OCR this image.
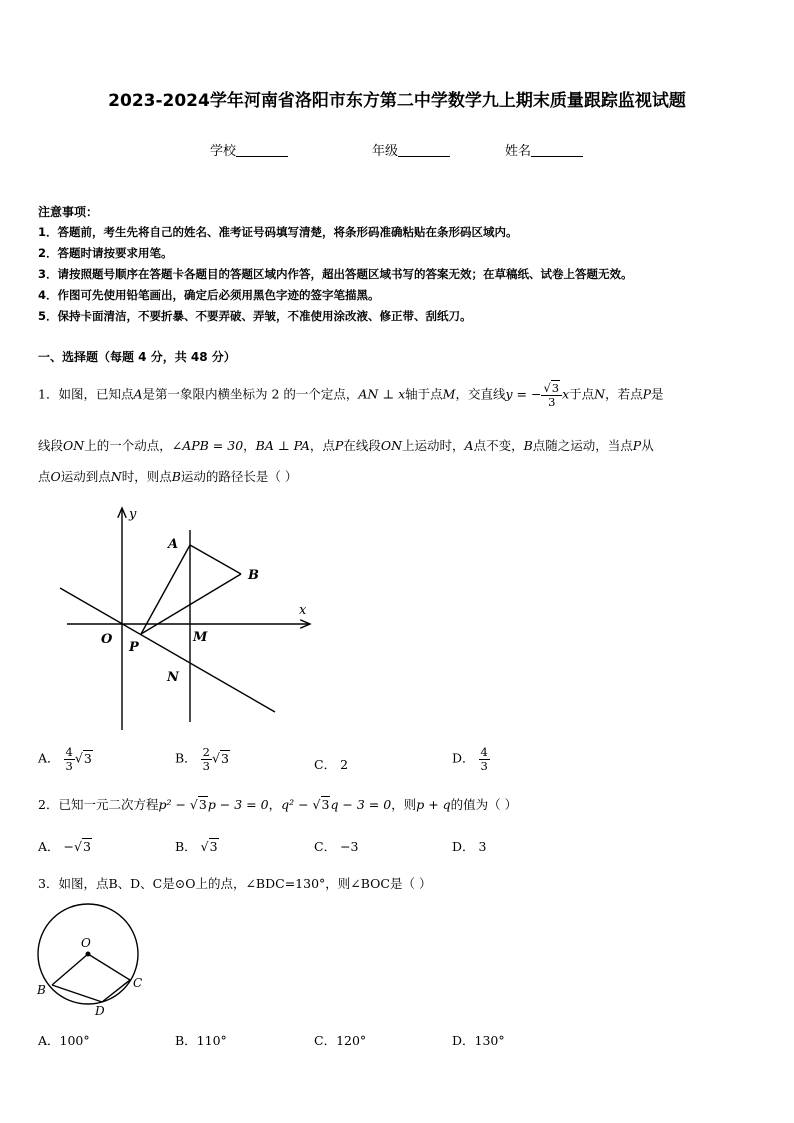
2023-2024学年河南省洛阳市东方第二中学数学九上期末质量跟踪监视试题
学校	年级	姓名
注意事项：
1．答题前，考生先将自己的姓名、准考证号码填写清楚，将条形码准确粘贴在条形码区域内。
2．答题时请按要求用笔。
3．请按照题号顺序在答题卡各题目的答题区域内作答，超出答题区域书写的答案无效；在草稿纸、试卷上答题无效。
4．作图可先使用铅笔画出，确定后必须用黑色字迹的签字笔描黑。
5．保持卡面清洁，不要折暴、不要弄破、弄皱，不准使用涂改液、修正带、刮纸刀。
一、选择题（每题 4 分，共 48 分）
1．如图，已知点A是第一象限内横坐标为 2 的一个定点，AN ⊥ x轴于点M，交直线y = − $\frac{√3}{3}$ x于点N，若点P是
线段ON上的一个动点，∠APB = 30，BA ⊥ PA，点P在线段ON上运动时，A点不变，B点随之运动，当点P从
点O运动到点N时，则点B运动的路径长是（ ）
y
x
A
B
O
P
M
N
A． $\frac{4}{3} √3$	B． $\frac{2}{3} √3$	C． 2	D． $\frac{4}{3}$
2．已知一元二次方程p² − √3p − 3 = 0，q² − √3q − 3 = 0，则p + q的值为（ ）
A． −√3	B． √3	C． −3	D． 3
3．如图，点B、D、C是⊙O上的点，∠BDC=130°，则∠BOC是（ ）
O
B	C
D
A．100°	B．110°	C．120°	D．130°
